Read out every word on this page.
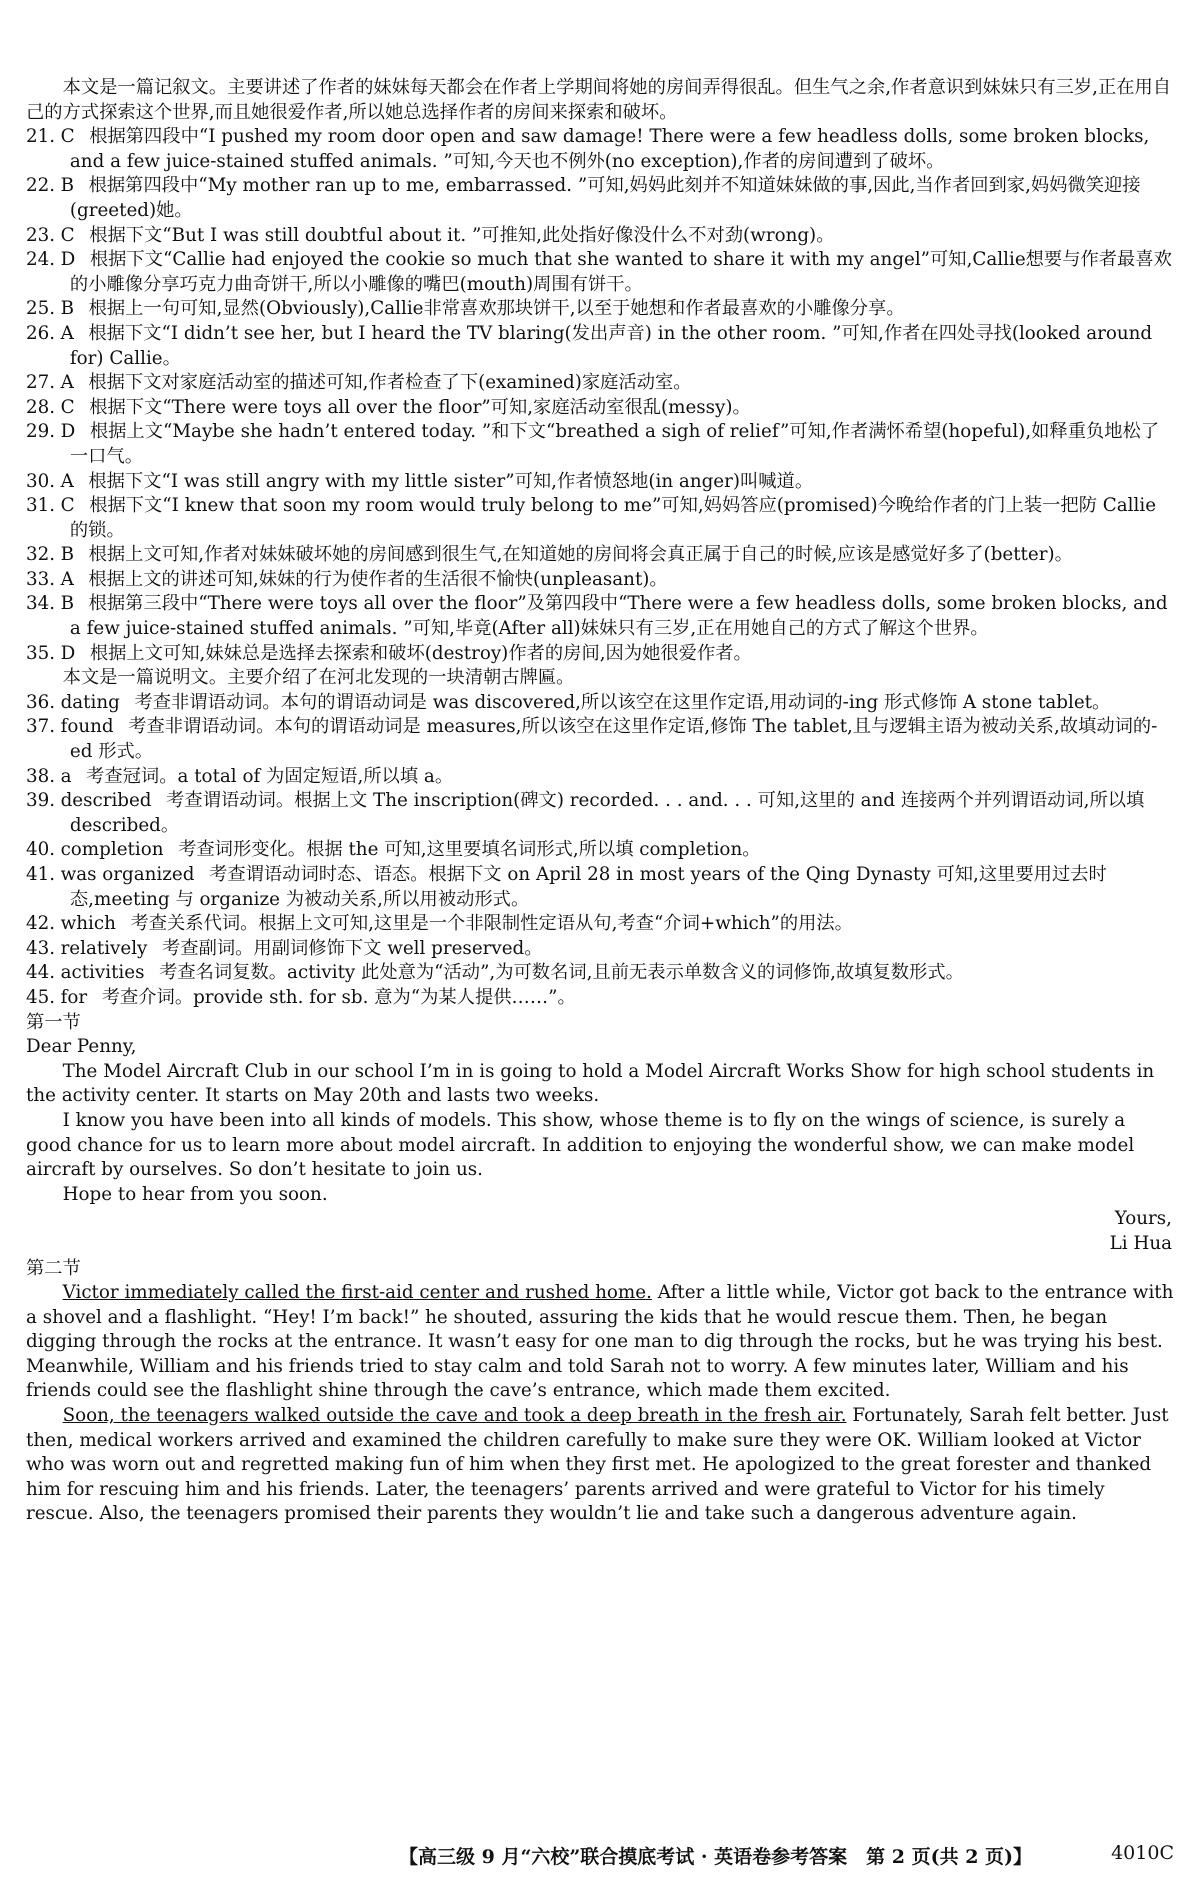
本文是一篇记叙文。主要讲述了作者的妹妹每天都会在作者上学期间将她的房间弄得很乱。但生气之余,作者意识到妹妹只有三岁,正在用自己的方式探索这个世界,而且她很爱作者,所以她总选择作者的房间来探索和破坏。

21. C 根据第四段中“I pushed my room door open and saw damage! There were a few headless dolls, some broken blocks, and a few juice-stained stuffed animals. ”可知,今天也不例外(no exception),作者的房间遭到了破坏。

22. B 根据第四段中“My mother ran up to me, embarrassed. ”可知,妈妈此刻并不知道妹妹做的事,因此,当作者回到家,妈妈微笑迎接(greeted)她。

23. C 根据下文“But I was still doubtful about it. ”可推知,此处指好像没什么不对劲(wrong)。

24. D 根据下文“Callie had enjoyed the cookie so much that she wanted to share it with my angel”可知,Callie想要与作者最喜欢的小雕像分享巧克力曲奇饼干,所以小雕像的嘴巴(mouth)周围有饼干。

25. B 根据上一句可知,显然(Obviously),Callie非常喜欢那块饼干,以至于她想和作者最喜欢的小雕像分享。

26. A 根据下文“I didn’t see her, but I heard the TV blaring(发出声音) in the other room. ”可知,作者在四处寻找(looked around for) Callie。

27. A 根据下文对家庭活动室的描述可知,作者检查了下(examined)家庭活动室。

28. C 根据下文“There were toys all over the floor”可知,家庭活动室很乱(messy)。

29. D 根据上文“Maybe she hadn’t entered today. ”和下文“breathed a sigh of relief”可知,作者满怀希望(hopeful),如释重负地松了一口气。

30. A 根据下文“I was still angry with my little sister”可知,作者愤怒地(in anger)叫喊道。

31. C 根据下文“I knew that soon my room would truly belong to me”可知,妈妈答应(promised)今晚给作者的门上装一把防 Callie 的锁。

32. B 根据上文可知,作者对妹妹破坏她的房间感到很生气,在知道她的房间将会真正属于自己的时候,应该是感觉好多了(better)。

33. A 根据上文的讲述可知,妹妹的行为使作者的生活很不愉快(unpleasant)。

34. B 根据第三段中“There were toys all over the floor”及第四段中“There were a few headless dolls, some broken blocks, and a few juice-stained stuffed animals. ”可知,毕竟(After all)妹妹只有三岁,正在用她自己的方式了解这个世界。

35. D 根据上文可知,妹妹总是选择去探索和破坏(destroy)作者的房间,因为她很爱作者。

本文是一篇说明文。主要介绍了在河北发现的一块清朝古牌匾。

36. dating 考查非谓语动词。本句的谓语动词是 was discovered,所以该空在这里作定语,用动词的-ing 形式修饰 A stone tablet。

37. found 考查非谓语动词。本句的谓语动词是 measures,所以该空在这里作定语,修饰 The tablet,且与逻辑主语为被动关系,故填动词的-ed 形式。

38. a 考查冠词。a total of 为固定短语,所以填 a。

39. described 考查谓语动词。根据上文 The inscription(碑文) recorded. . . and. . . 可知,这里的 and 连接两个并列谓语动词,所以填 described。

40. completion 考查词形变化。根据 the 可知,这里要填名词形式,所以填 completion。

41. was organized 考查谓语动词时态、语态。根据下文 on April 28 in most years of the Qing Dynasty 可知,这里要用过去时态,meeting 与 organize 为被动关系,所以用被动形式。

42. which 考查关系代词。根据上文可知,这里是一个非限制性定语从句,考查“介词+which”的用法。

43. relatively 考查副词。用副词修饰下文 well preserved。

44. activities 考查名词复数。activity 此处意为“活动”,为可数名词,且前无表示单数含义的词修饰,故填复数形式。

45. for 考查介词。provide sth. for sb. 意为“为某人提供……”。

第一节

Dear Penny,

The Model Aircraft Club in our school I’m in is going to hold a Model Aircraft Works Show for high school students in the activity center. It starts on May 20th and lasts two weeks.

I know you have been into all kinds of models. This show, whose theme is to fly on the wings of science, is surely a good chance for us to learn more about model aircraft. In addition to enjoying the wonderful show, we can make model aircraft by ourselves. So don’t hesitate to join us.

Hope to hear from you soon.

Yours,

Li Hua

第二节

Victor immediately called the first-aid center and rushed home. After a little while, Victor got back to the entrance with a shovel and a flashlight. “Hey! I’m back!” he shouted, assuring the kids that he would rescue them. Then, he began digging through the rocks at the entrance. It wasn’t easy for one man to dig through the rocks, but he was trying his best. Meanwhile, William and his friends tried to stay calm and told Sarah not to worry. A few minutes later, William and his friends could see the flashlight shine through the cave’s entrance, which made them excited.

Soon, the teenagers walked outside the cave and took a deep breath in the fresh air. Fortunately, Sarah felt better. Just then, medical workers arrived and examined the children carefully to make sure they were OK. William looked at Victor who was worn out and regretted making fun of him when they first met. He apologized to the great forester and thanked him for rescuing him and his friends. Later, the teenagers’ parents arrived and were grateful to Victor for his timely rescue. Also, the teenagers promised their parents they wouldn’t lie and take such a dangerous adventure again.

【高三级 9 月“六校”联合摸底考试 · 英语卷参考答案　第 2 页(共 2 页)】	4010C
